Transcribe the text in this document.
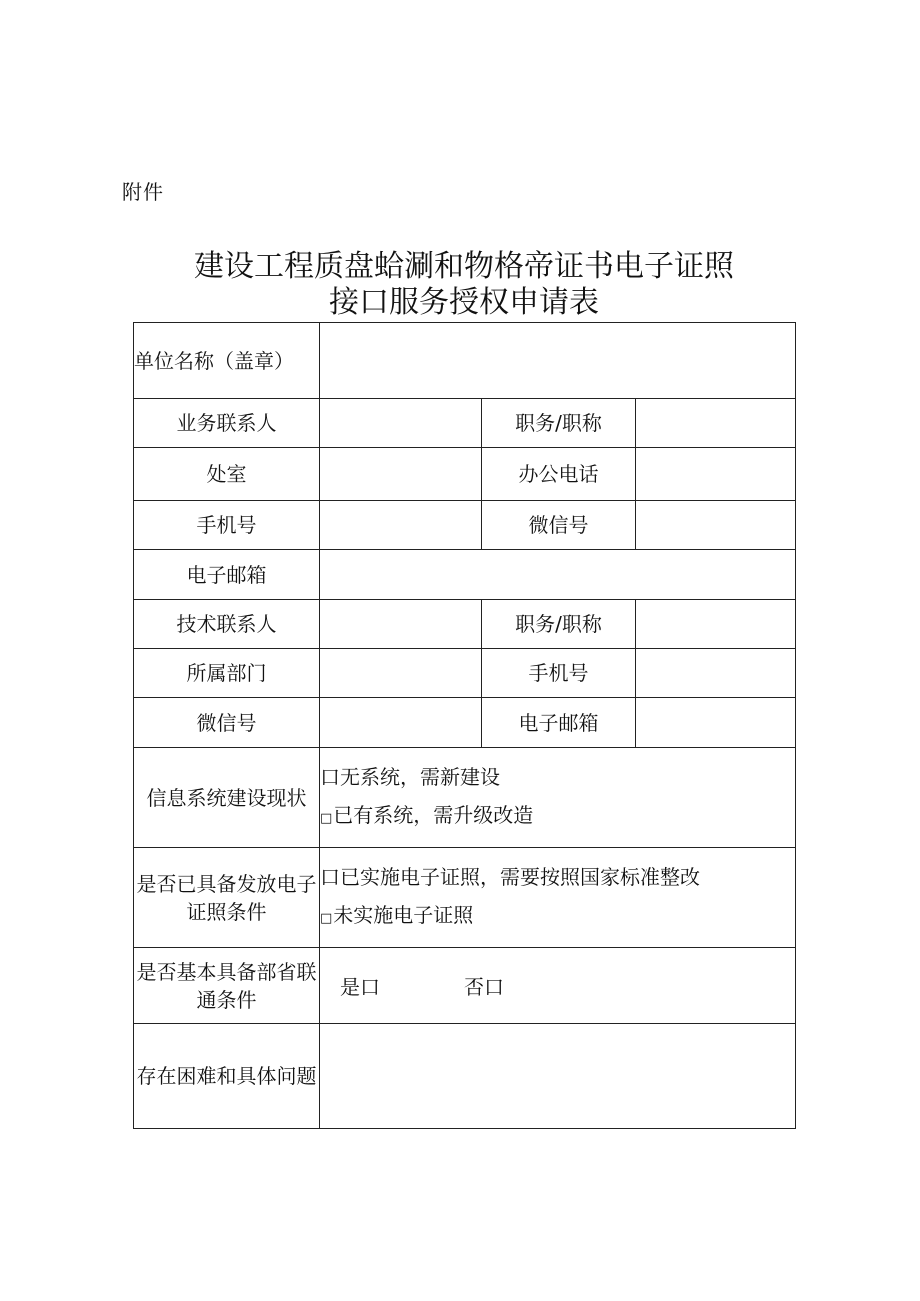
附件
建设工程质盘蛤涮和物格帝证书电子证照
接口服务授权申请表
单位名称（盖章）			
业务联系人		职务/职称	
处室		办公电话	
手机号		微信号	
电子邮箱			
技术联系人		职务/职称	
所属部门		手机号	
微信号		电子邮箱	
信息系统建设现状	口无系统，需新建设
□已有系统，需升级改造		

是否已具备发放电子证照条件	口已实施电子证照，需要按照国家标准整改
□未实施电子证照		

是否基本具备部省联通条件	是口 否口		
存在困难和具体问题			
